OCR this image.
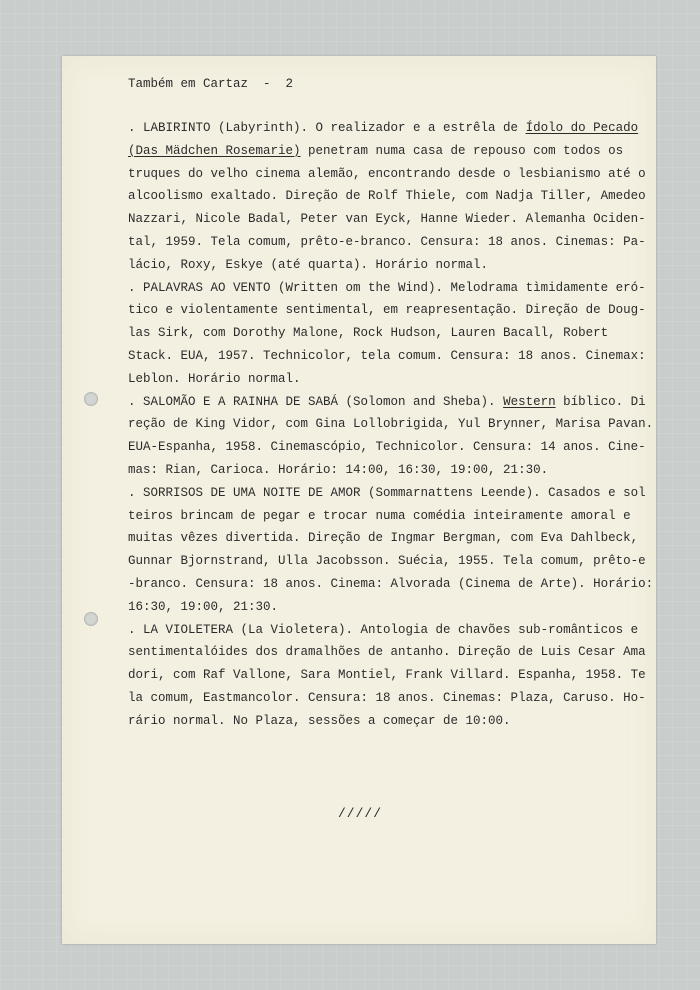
Também em Cartaz  -  2
. LABIRINTO (Labyrinth). O realizador e a estrêla de Ídolo do Pecado
(Das Mädchen Rosemarie) penetram numa casa de repouso com todos os
truques do velho cinema alemão, encontrando desde o lesbianismo até o
alcoolismo exaltado. Direção de Rolf Thiele, com Nadja Tiller, Amedeo
Nazzari, Nicole Badal, Peter van Eyck, Hanne Wieder. Alemanha Ociden-
tal, 1959. Tela comum, prêto-e-branco. Censura: 18 anos. Cinemas: Pa-
lácio, Roxy, Eskye (até quarta). Horário normal.
. PALAVRAS AO VENTO (Written om the Wind). Melodrama tìmidamente eró-
tico e violentamente sentimental, em reapresentação. Direção de Doug-
las Sirk, com Dorothy Malone, Rock Hudson, Lauren Bacall, Robert
Stack. EUA, 1957. Technicolor, tela comum. Censura: 18 anos. Cinemax:
Leblon. Horário normal.
. SALOMÃO E A RAINHA DE SABÁ (Solomon and Sheba). Western bíblico. Di
reção de King Vidor, com Gina Lollobrigida, Yul Brynner, Marisa Pavan.
EUA-Espanha, 1958. Cinemascópio, Technicolor. Censura: 14 anos. Cine-
mas: Rian, Carioca. Horário: 14:00, 16:30, 19:00, 21:30.
. SORRISOS DE UMA NOITE DE AMOR (Sommarnattens Leende). Casados e sol
teiros brincam de pegar e trocar numa comédia inteiramente amoral e
muitas vêzes divertida. Direção de Ingmar Bergman, com Eva Dahlbeck,
Gunnar Bjornstrand, Ulla Jacobsson. Suécia, 1955. Tela comum, prêto-e
-branco. Censura: 18 anos. Cinema: Alvorada (Cinema de Arte). Horário:
16:30, 19:00, 21:30.
. LA VIOLETERA (La Violetera). Antologia de chavões sub-românticos e
sentimentalóides dos dramalhões de antanho. Direção de Luis Cesar Ama
dori, com Raf Vallone, Sara Montiel, Frank Villard. Espanha, 1958. Te
la comum, Eastmancolor. Censura: 18 anos. Cinemas: Plaza, Caruso. Ho-
rário normal. No Plaza, sessões a começar de 10:00.
/////
